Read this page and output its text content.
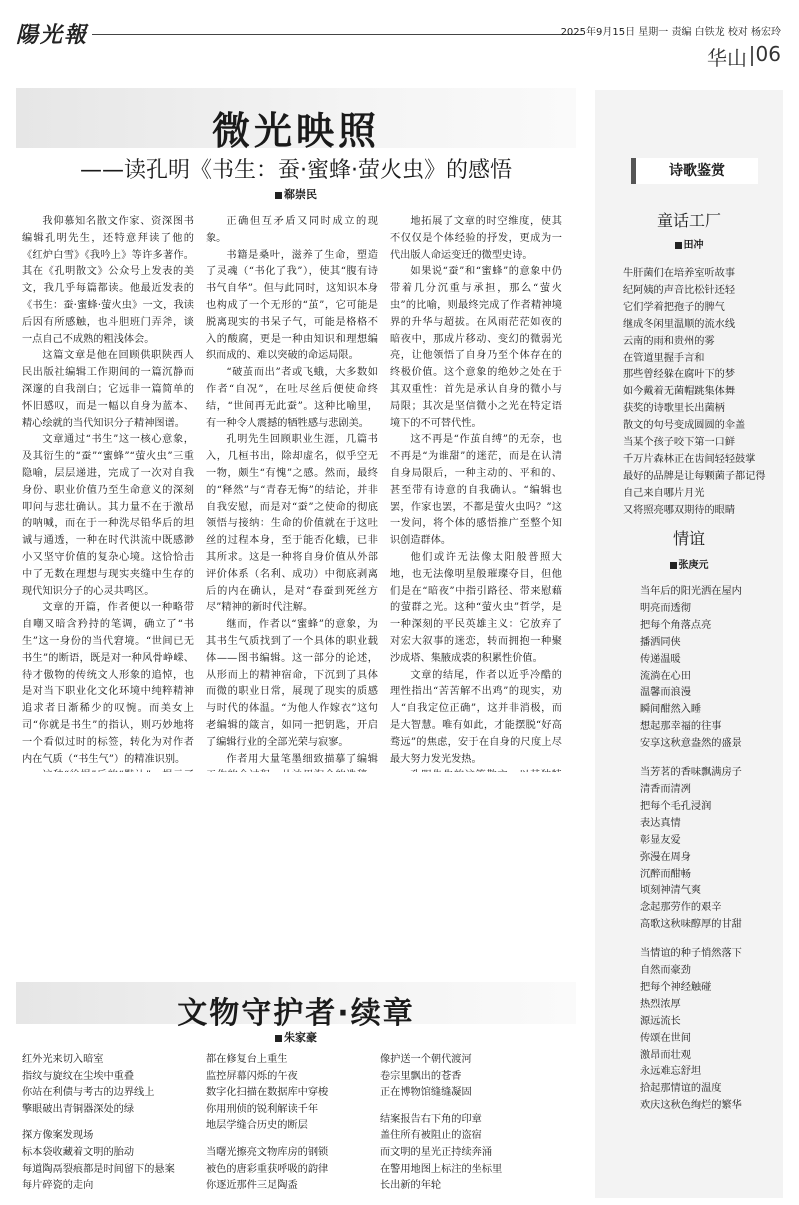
陽光報	2025年9月15日 星期一 责编 白铁龙 校对 杨宏玲
华山 06
微光映照
——读孔明《书生：蚕·蜜蜂·萤火虫》的感悟
郗崇民

我仰慕知名散文作家、资深图书编辑孔明先生，还特意拜读了他的《红炉白雪》《我吟上》等许多著作。其在《孔明散文》公众号上发表的美文，我几乎每篇都读。他最近发表的《书生：蚕·蜜蜂·萤火虫》一文，我读后因有所感触，也斗胆班门弄斧，谈一点自己不成熟的粗浅体会。

这篇文章是他在回顾供职陕西人民出版社编辑工作期间的一篇沉静而深邃的自我剖白；它远非一篇简单的怀旧感叹，而是一幅以自身为蓝本、精心绘就的当代知识分子精神图谱。

文章通过“书生”这一核心意象，及其衍生的“蚕”“蜜蜂”“萤火虫”三重隐喻，层层递进，完成了一次对自我身份、职业价值乃至生命意义的深刻叩问与悲壮确认。其力量不在于激昂的呐喊，而在于一种洗尽铅华后的坦诚与通透，一种在时代洪流中既感渺小又坚守价值的复杂心境。这恰恰击中了无数在理想与现实夹缝中生存的现代知识分子的心灵共鸣区。

文章的开篇，作者便以一种略带自嘲又暗含矜持的笔调，确立了“书生”这一身份的当代窘境。“世间已无书生”的断语，既是对一种风骨峥嵘、待才傲物的传统文人形象的追悼，也是对当下职业化文化环境中纯粹精神追求者日渐稀少的叹惋。而美女上司“你就是书生”的指认，则巧妙地将一个看似过时的标签，转化为对作者内在气质（“书生气”）的精准识别。

正确但互矛盾又同时成立的现象。

书籍是桑叶，滋养了生命，塑造了灵魂（“书化了我”），使其“腹有诗书气自华”。但与此同时，这知识本身也构成了一个无形的“茧”，它可能是脱离现实的书呆子气，可能是格格不入的酸腐，更是一种由知识和理想编织而成的、难以突破的命运局限。

“破茧而出”者或飞蛾，大多数如作者“自况”，在吐尽丝后便使命终结，“世间再无此蚕”。这种比喻里，有一种令人震撼的牺牲感与悲剧美。

孔明先生回顾职业生涯，几篇书入，几桓书出，除却虚名，似乎空无一物，颇生“有愧”之感。然而，最终的“释然”与“青春无悔”的结论，并非自我安慰，而是对“蚕”之使命的彻底领悟与接纳：生命的价值就在于这吐丝的过程本身，至于能否化蛾，已非其所求。这是一种将自身价值从外部评价体系（名利、成功）中彻底剥离后的内在确认，是对“春蚕到死丝方尽”精神的新时代注解。

继而，作者以“蜜蜂”的意象，为其书生气质找到了一个具体的职业载体——图书编辑。这一部分的论述，从形而上的精神宿命，下沉到了具体而微的职业日常，展现了现实的质感与时代的体温。“为他人作嫁衣”这句老编辑的箴言，如同一把钥匙，开启了编辑行业的全部光荣与寂寥。

作者用大量笔墨细致描摹了编辑

地拓展了文章的时空维度，使其不仅仅是个体经验的抒发，更成为一代出版人命运变迁的微型史诗。

如果说“蚕”和“蜜蜂”的意象中仍带着几分沉重与承担，那么“萤火虫”的比喻，则最终完成了作者精神境界的升华与超拔。在风雨茫茫如夜的暗夜中，那成片移动、变幻的微弱光亮，让他领悟了自身乃至个体存在的终极价值。这个意象的绝妙之处在于其双重性：首先是承认自身的微小与局限；其次是坚信微小之光在特定语境下的不可替代性。

这不再是“作茧自缚”的无奈，也不再是“为谁甜”的迷茫，而是在认清自身局限后，一种主动的、平和的、甚至带有诗意的自我确认。“编辑也罢，作家也罢，不都是萤火虫吗？”这一发问，将个体的感悟推广至整个知识创造群体。

他们或许无法像太阳般普照大地，也无法像明星般璀璨夺目，但他们是在“暗夜”中指引路径、带来慰藉的萤群之光。这种“萤火虫”哲学，是一种深刻的平民英雄主义：它放弃了对宏大叙事的迷恋，转而拥抱一种聚沙成塔、集腋成裘的积累性价值。

文章的结尾，作者以近乎冷酷的理性指出“苦苦解不出鸡”的现实，劝人“自我定位正确”，这并非消极，而是大智慧。唯有如此，才能摆脱“好高骛远”的焦虑，安于在自身的尺度上尽最大努力发光发热。

文物守护者·续章
朱家豪
红外光来切入暗室
指纹与旋纹在尘埃中重叠
你站在利债与考古的边界线上
擎眼破出青铜器深处的绿
探方像案发现场
标本袋收藏着文明的胎动
每道陶鬲裂痕都是时间留下的悬案
每片碎瓷的走向
都在修复台上重生
监控屏幕闪烁的午夜
数字化扫描在数据库中穿梭
你用刑侦的锐利解读千年
地层学缝合历史的断层
当曙光擦亮文物库房的钢锁
被色的唐彩重获呼吸的韵律
你逐近那件三足陶盉
像护送一个朝代渡河
卷宗里飘出的苍香
正在博物馆缝缝凝固
结案报告右下角的印章
盖住所有被阻止的盗宿
而文明的星光正持续奔涌
在警用地图上标注的坐标里
长出新的年轮
诗歌鉴赏
童话工厂
田冲
牛肝菌们在培养室听故事
纪阿姨的声音比松针还轻
它们学着把孢子的脾气
继成冬闲里温顺的流水线
云南的雨和贵州的雾
在管道里握手言和
那些曾经躲在腐叶下的梦
如今戴着无菌帽跳集体舞
获奖的诗歌里长出菌柄
散文的句号变成圆圆的伞盖
当某个孩子咬下第一口鲜
千万片森林正在齿间轻轻鼓掌
最好的品牌是让每颗菌子都记得
自己来自哪片月光
又将照亮哪双期待的眼睛
情谊
张庚元
当年后的阳光洒在屋内
明亮而透彻
把每个角落点亮
播洒同侠
传递温暖
流淌在心田
温馨而浪漫
瞬间酣然入睡
想起那幸福的往事
安享这秋意盎然的盛景
当芳茗的香味飘满房子
清香而清冽
把每个毛孔浸润
表达真情
彰显友爱
弥漫在周身
沉醉而酣畅
顷刻神清气爽
念起那劳作的艰辛
高歌这秋味醇厚的甘甜
当情谊的种子悄然落下
自然而豪劲
把每个神经触碰
热烈浓厚
源远流长
传颂在世间
激昂而壮观
永远难忘舒坦
拾起那情谊的温度
欢庆这秋色绚烂的繁华
